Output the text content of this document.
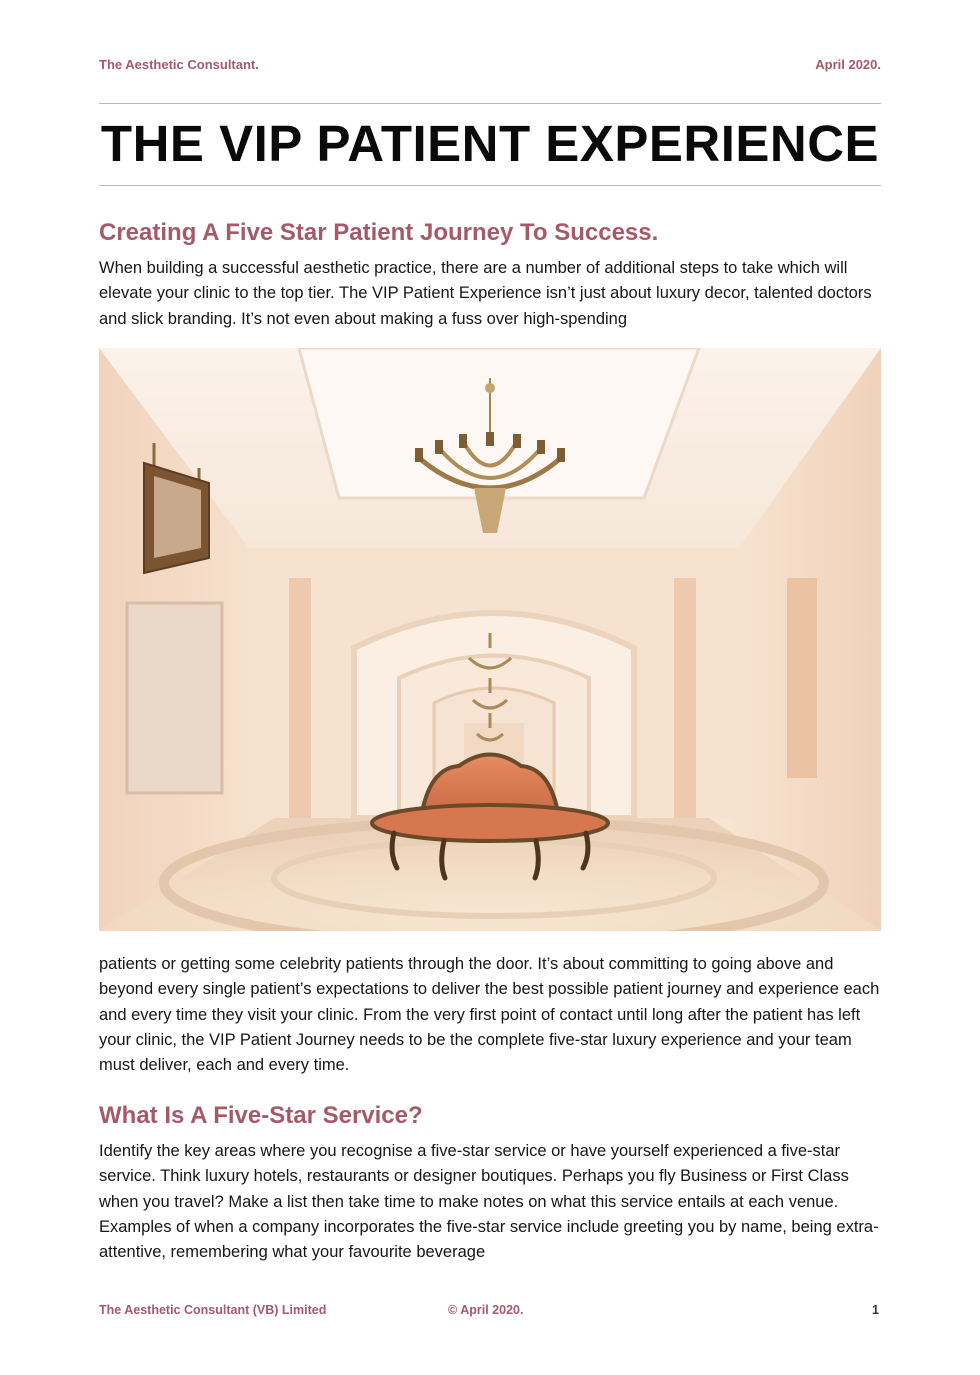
The Aesthetic Consultant.	April 2020.
THE VIP PATIENT EXPERIENCE
Creating A Five Star Patient Journey To Success.

When building a successful aesthetic practice, there are a number of additional steps to take which will elevate your clinic to the top tier. The VIP Patient Experience isn’t just about luxury decor, talented doctors and slick branding. It’s not even about making a fuss over high-spending

patients or getting some celebrity patients through the door. It’s about committing to going above and beyond every single patient’s expectations to deliver the best possible patient journey and experience each and every time they visit your clinic. From the very first point of contact until long after the patient has left your clinic, the VIP Patient Journey needs to be the complete five-star luxury experience and your team must deliver, each and every time.

What Is A Five-Star Service?

Identify the key areas where you recognise a five-star service or have yourself experienced a five-star service. Think luxury hotels, restaurants or designer boutiques. Perhaps you fly Business or First Class when you travel? Make a list then take time to make notes on what this service entails at each venue. Examples of when a company incorporates the five-star service include greeting you by name, being extra-attentive, remembering what your favourite beverage

The Aesthetic Consultant (VB) Limited	© April 2020.	1
